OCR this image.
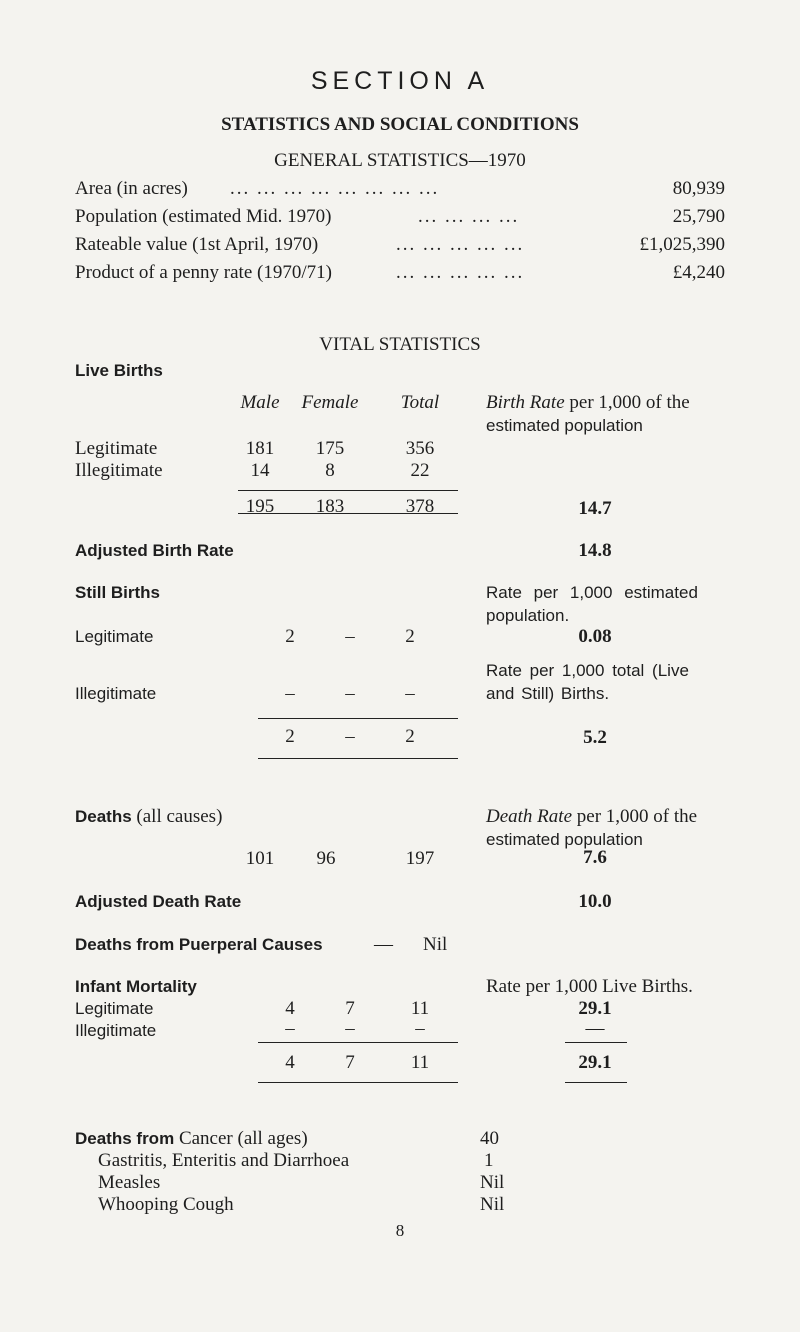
SECTION A
STATISTICS AND SOCIAL CONDITIONS
GENERAL STATISTICS—1970
Area (in acres) ... ... ... ... ... ... ... ...	80,939
Population (estimated Mid. 1970)	... ... ... ...	25,790
Rateable value (1st April, 1970)	... ... ... ... ...	£1,025,390
Product of a penny rate (1970/71)	... ... ... ... ...	£4,240
VITAL STATISTICS
Live Births
Male	Female	Total	Birth Rate per 1,000 of the
estimated population
Legitimate	181	175	356
Illegitimate	14	8	22
195	183	378	14.7
Adjusted Birth Rate	14.8
Still Births	Rate per 1,000 estimated
population.
Legitimate	2	–	2	0.08
Rate per 1,000 total (Live
Illegitimate	–	–	–	and Still) Births.
2	–	2	5.2
Deaths (all causes)	Death Rate per 1,000 of the
estimated population
101	96	197	7.6
Adjusted Death Rate	10.0
Deaths from Puerperal Causes	— Nil
Infant Mortality	Rate per 1,000 Live Births.
Legitimate	4	7	11	29.1
Illegitimate	–	–	–	—
4	7	11	29.1
Deaths from Cancer (all ages)	40
Gastritis, Enteritis and Diarrhoea	1
Measles	Nil
Whooping Cough	Nil
8
